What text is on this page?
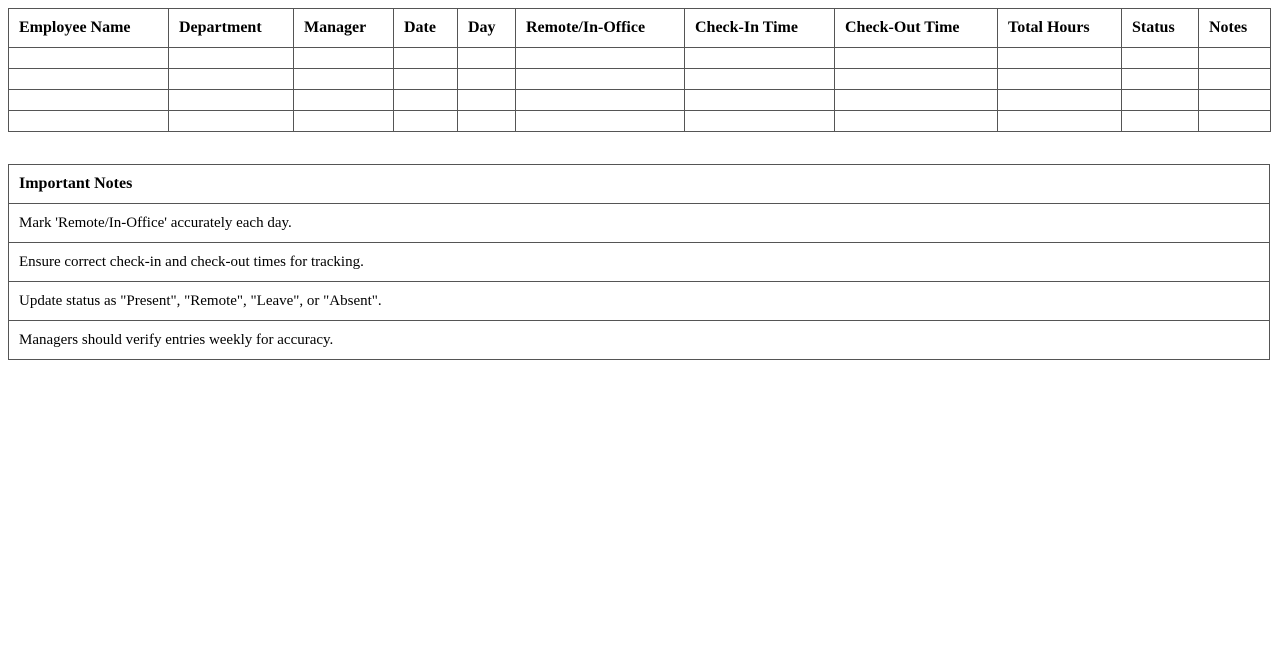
Employee Name	Department	Manager	Date	Day	Remote/In-Office	Check-In Time	Check-Out Time	Total Hours	Status	Notes

Important Notes
Mark 'Remote/In-Office' accurately each day.
Ensure correct check-in and check-out times for tracking.
Update status as "Present", "Remote", "Leave", or "Absent".
Managers should verify entries weekly for accuracy.
